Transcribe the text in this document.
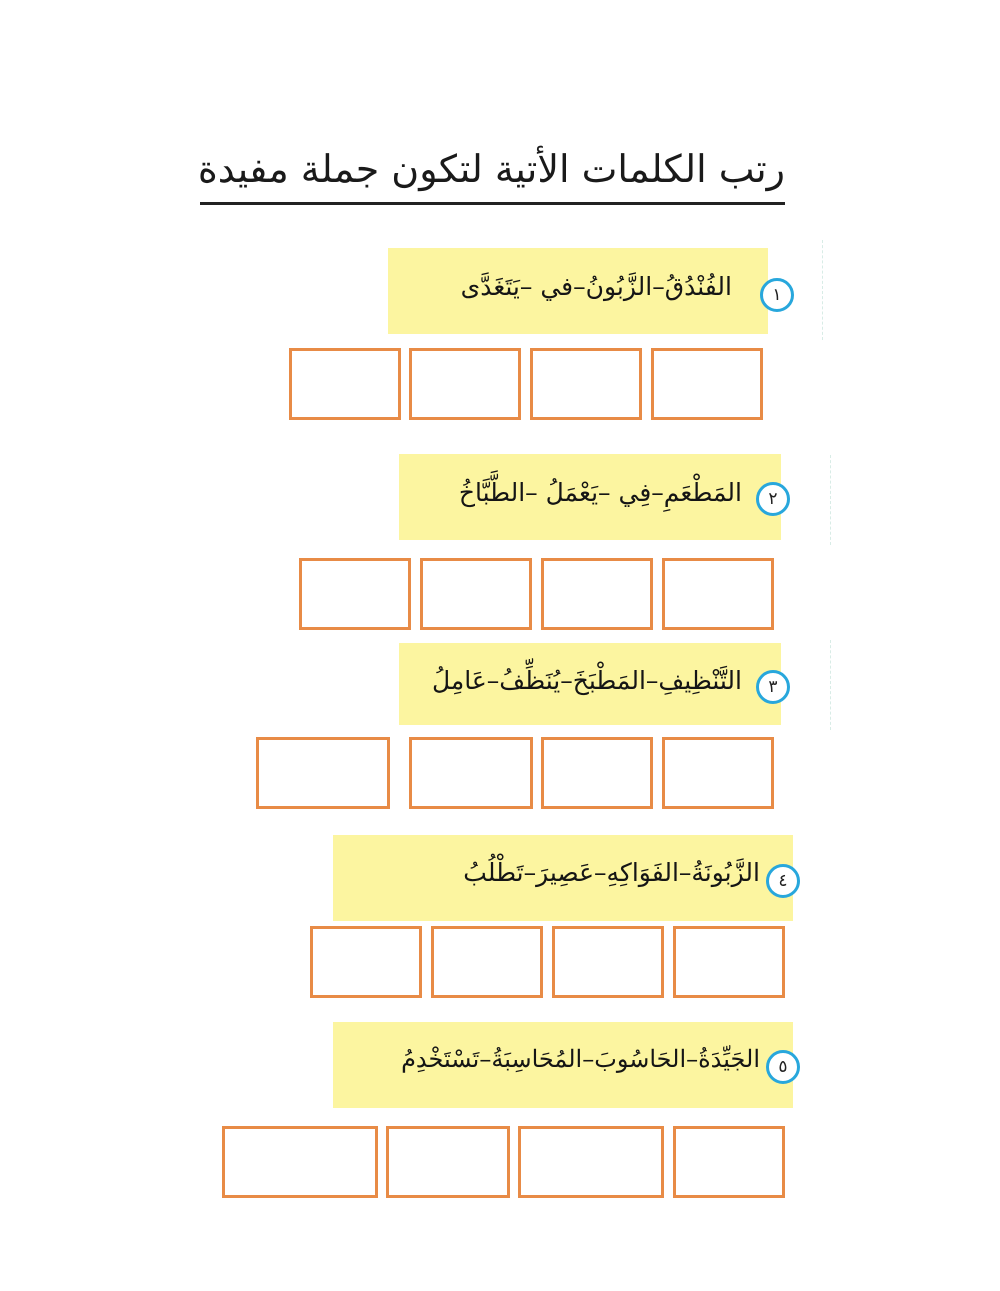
رتب الكلمات الأتية لتكون جملة مفيدة
الفُنْدُقُ–الزَّبُونُ–في –يَتَغَدَّى	١
المَطْعَمِ–فِي –يَعْمَلُ –الطَّبَّاخُ	٢
التَّنْظِيفِ–المَطْبَخَ–يُنَظِّفُ–عَامِلُ	٣
الزَّبُونَةُ–الفَوَاكِهِ–عَصِيرَ–تَطْلُبُ	٤
الجَيِّدَةُ–الحَاسُوبَ–المُحَاسِبَةُ–تَسْتَخْدِمُ	٥
